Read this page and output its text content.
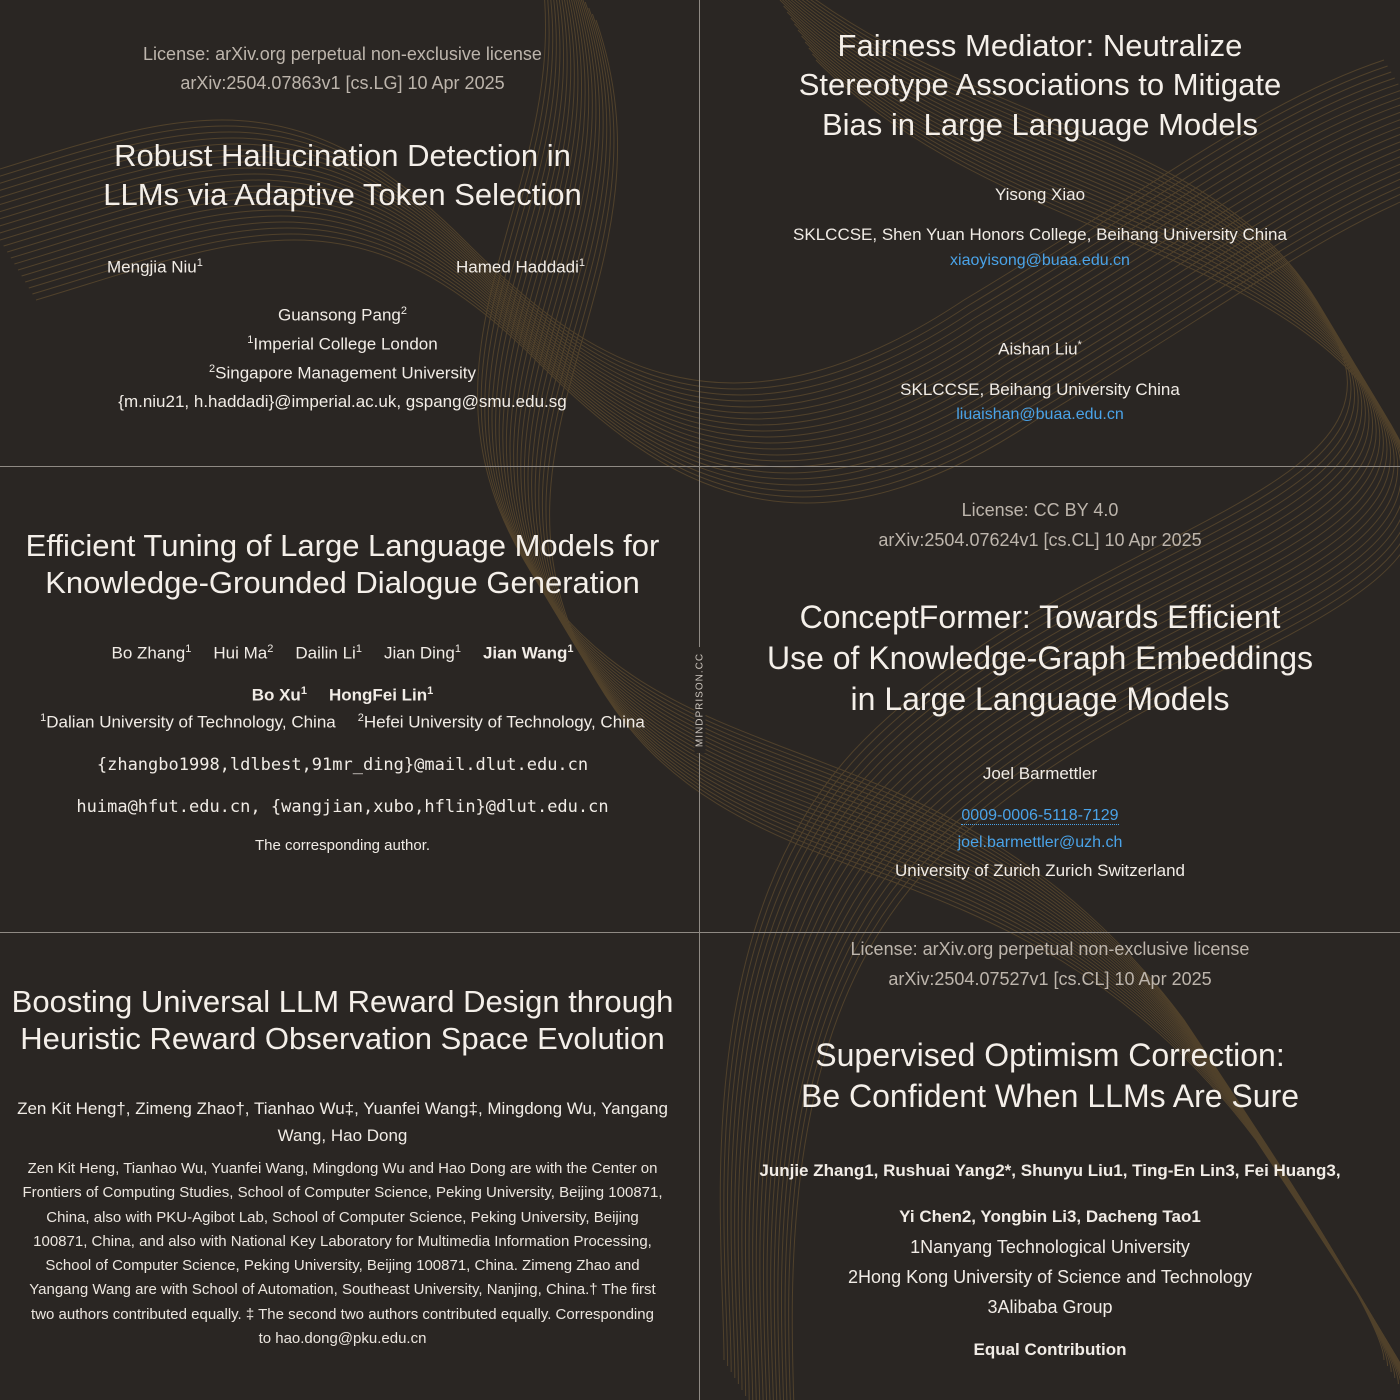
MINDPRISON.CC
License: arXiv.org perpetual non-exclusive license
arXiv:2504.07863v1 [cs.LG] 10 Apr 2025
Robust Hallucination Detection in
LLMs via Adaptive Token Selection
Mengjia Niu$^1$	Hamed Haddadi$^1$
Guansong Pang$^2$
$^1$Imperial College London
$^2$Singapore Management University
{m.niu21, h.haddadi}@imperial.ac.uk, gspang@smu.edu.sg
Fairness Mediator: Neutralize
Stereotype Associations to Mitigate
Bias in Large Language Models
Yisong Xiao
SKLCCSE, Shen Yuan Honors College, Beihang University China
xiaoyisong@buaa.edu.cn
Aishan Liu*
SKLCCSE, Beihang University China
liuaishan@buaa.edu.cn
Efficient Tuning of Large Language Models for
Knowledge-Grounded Dialogue Generation
Bo Zhang$^1$ Hui Ma$^2$ Dailin Li$^1$ Jian Ding$^1$ Jian Wang$^1$
Bo Xu$^1$ HongFei Lin$^1$
$^1$Dalian University of Technology, China $^2$Hefei University of Technology, China
{zhangbo1998,ldlbest,91mr_ding}@mail.dlut.edu.cn
huima@hfut.edu.cn, {wangjian,xubo,hflin}@dlut.edu.cn
The corresponding author.
License: CC BY 4.0
arXiv:2504.07624v1 [cs.CL] 10 Apr 2025
ConceptFormer: Towards Efficient
Use of Knowledge-Graph Embeddings
in Large Language Models
Joel Barmettler
0009-0006-5118-7129
joel.barmettler@uzh.ch
University of Zurich Zurich Switzerland
Boosting Universal LLM Reward Design through
Heuristic Reward Observation Space Evolution
Zen Kit Heng†, Zimeng Zhao†, Tianhao Wu‡, Yuanfei Wang‡, Mingdong Wu, Yangang
Wang, Hao Dong
Zen Kit Heng, Tianhao Wu, Yuanfei Wang, Mingdong Wu and Hao Dong are with the Center on
Frontiers of Computing Studies, School of Computer Science, Peking University, Beijing 100871,
China, also with PKU-Agibot Lab, School of Computer Science, Peking University, Beijing
100871, China, and also with National Key Laboratory for Multimedia Information Processing,
School of Computer Science, Peking University, Beijing 100871, China. Zimeng Zhao and
Yangang Wang are with School of Automation, Southeast University, Nanjing, China.† The first
two authors contributed equally. ‡ The second two authors contributed equally. Corresponding
to hao.dong@pku.edu.cn
License: arXiv.org perpetual non-exclusive license
arXiv:2504.07527v1 [cs.CL] 10 Apr 2025
Supervised Optimism Correction:
Be Confident When LLMs Are Sure
Junjie Zhang1, Rushuai Yang2*, Shunyu Liu1, Ting-En Lin3, Fei Huang3,
Yi Chen2, Yongbin Li3, Dacheng Tao1
1Nanyang Technological University
2Hong Kong University of Science and Technology
3Alibaba Group
Equal Contribution
